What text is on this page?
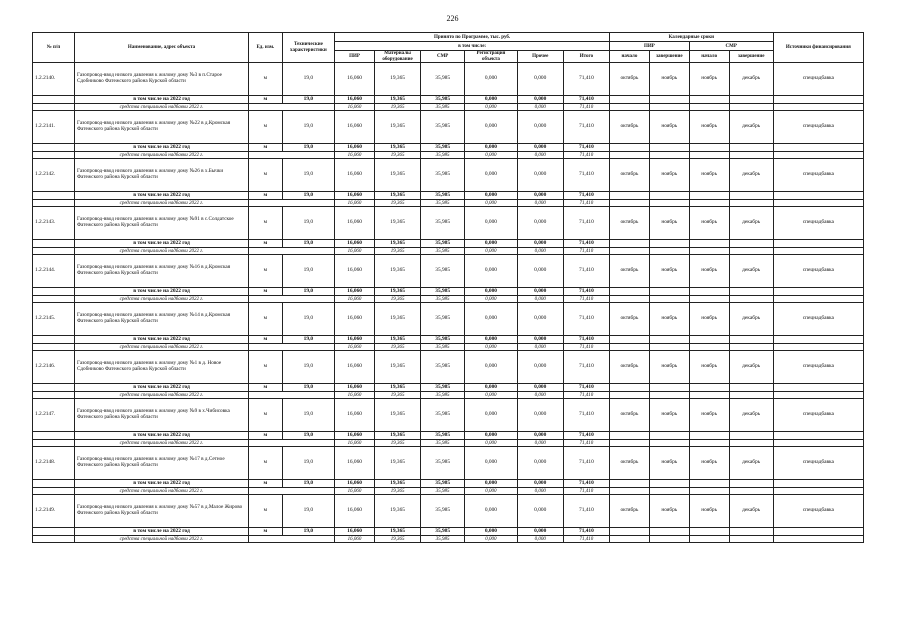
226
№ п/п	Наименование, адрес объекта	Ед. изм.	Технические характеристики	Принято по Программе, тыс. руб.						Календарные сроки				Источники финансирования
				в том числе:						ПИР		СМР		
				ПИР	Материалы оборудование	СМР	Регистрация объекта	Прочее	Итого	начало	завершение	начало	завершение	
1.2.2140.	Газопровод-ввод низкого давления к жилому дому №3 в п.Старое Сдобниково Фатежского района Курской области	м	19,0	16,060	19,365	35,985	0,000	0,000	71,410	октябрь	ноябрь	ноябрь	декабрь	спецнадбавка
	в том числе на 2022 год	м	19,0	16,060	19,365	35,985	0,000	0,000	71,410					
	средства специальной надбавки 2022 г.			16,060	19,365	35,985	0,000	0,000	71,410					
1.2.2141.	Газопровод-ввод низкого давления к жилому дому №22 в д.Кромская Фатежского района Курской области	м	19,0	16,060	19,365	35,985	0,000	0,000	71,410	октябрь	ноябрь	ноябрь	декабрь	спецнадбавка
	в том числе на 2022 год	м	19,0	16,060	19,365	35,985	0,000	0,000	71,410					
	средства специальной надбавки 2022 г.			16,060	19,365	35,985	0,000	0,000	71,410					
1.2.2142.	Газопровод-ввод низкого давления к жилому дому №26 в х.Бычки Фатежского района Курской области	м	19,0	16,060	19,365	35,985	0,000	0,000	71,410	октябрь	ноябрь	ноябрь	декабрь	спецнадбавка
	в том числе на 2022 год	м	19,0	16,060	19,365	35,985	0,000	0,000	71,410					
	средства специальной надбавки 2022 г.			16,060	19,365	35,985	0,000	0,000	71,410					
1.2.2143.	Газопровод-ввод низкого давления к жилому дому №91 в с.Солдатское Фатежского района Курской области	м	19,0	16,060	19,365	35,985	0,000	0,000	71,410	октябрь	ноябрь	ноябрь	декабрь	спецнадбавка
	в том числе на 2022 год	м	19,0	16,060	19,365	35,985	0,000	0,000	71,410					
	средства специальной надбавки 2022 г.			16,060	19,365	35,985	0,000	0,000	71,410					
1.2.2144.	Газопровод-ввод низкого давления к жилому дому №16 в д.Кромская Фатежского района Курской области	м	19,0	16,060	19,365	35,985	0,000	0,000	71,410	октябрь	ноябрь	ноябрь	декабрь	спецнадбавка
	в том числе на 2022 год	м	19,0	16,060	19,365	35,985	0,000	0,000	71,410					
	средства специальной надбавки 2022 г.			16,060	19,365	35,985	0,000	0,000	71,410					
1.2.2145.	Газопровод-ввод низкого давления к жилому дому №14 в д.Кромская Фатежского района Курской области	м	19,0	16,060	19,365	35,985	0,000	0,000	71,410	октябрь	ноябрь	ноябрь	декабрь	спецнадбавка
	в том числе на 2022 год	м	19,0	16,060	19,365	35,985	0,000	0,000	71,410					
	средства специальной надбавки 2022 г.			16,060	19,365	35,985	0,000	0,000	71,410					
1.2.2146.	Газопровод-ввод низкого давления к жилому дому №1 в д. Новое Сдобниково Фатежского района Курской области	м	19,0	16,060	19,365	35,985	0,000	0,000	71,410	октябрь	ноябрь	ноябрь	декабрь	спецнадбавка
	в том числе на 2022 год	м	19,0	16,060	19,365	35,985	0,000	0,000	71,410					
	средства специальной надбавки 2022 г.			16,060	19,365	35,985	0,000	0,000	71,410					
1.2.2147.	Газопровод-ввод низкого давления к жилому дому №9 в х.Чибисовка Фатежского района Курской области	м	19,0	16,060	19,365	35,985	0,000	0,000	71,410	октябрь	ноябрь	ноябрь	декабрь	спецнадбавка
	в том числе на 2022 год	м	19,0	16,060	19,365	35,985	0,000	0,000	71,410					
	средства специальной надбавки 2022 г.			16,060	19,365	35,985	0,000	0,000	71,410					
1.2.2148.	Газопровод-ввод низкого давления к жилому дому №17 в д.Сетное Фатежского района Курской области	м	19,0	16,060	19,365	35,985	0,000	0,000	71,410	октябрь	ноябрь	ноябрь	декабрь	спецнадбавка
	в том числе на 2022 год	м	19,0	16,060	19,365	35,985	0,000	0,000	71,410					
	средства специальной надбавки 2022 г.			16,060	19,365	35,985	0,000	0,000	71,410					
1.2.2149.	Газопровод-ввод низкого давления к жилому дому №57 в д.Малое Жирово Фатежского района Курской области	м	19,0	16,060	19,365	35,985	0,000	0,000	71,410	октябрь	ноябрь	ноябрь	декабрь	спецнадбавка
	в том числе на 2022 год	м	19,0	16,060	19,365	35,985	0,000	0,000	71,410					
	средства специальной надбавки 2022 г.			16,060	19,365	35,985	0,000	0,000	71,410					
